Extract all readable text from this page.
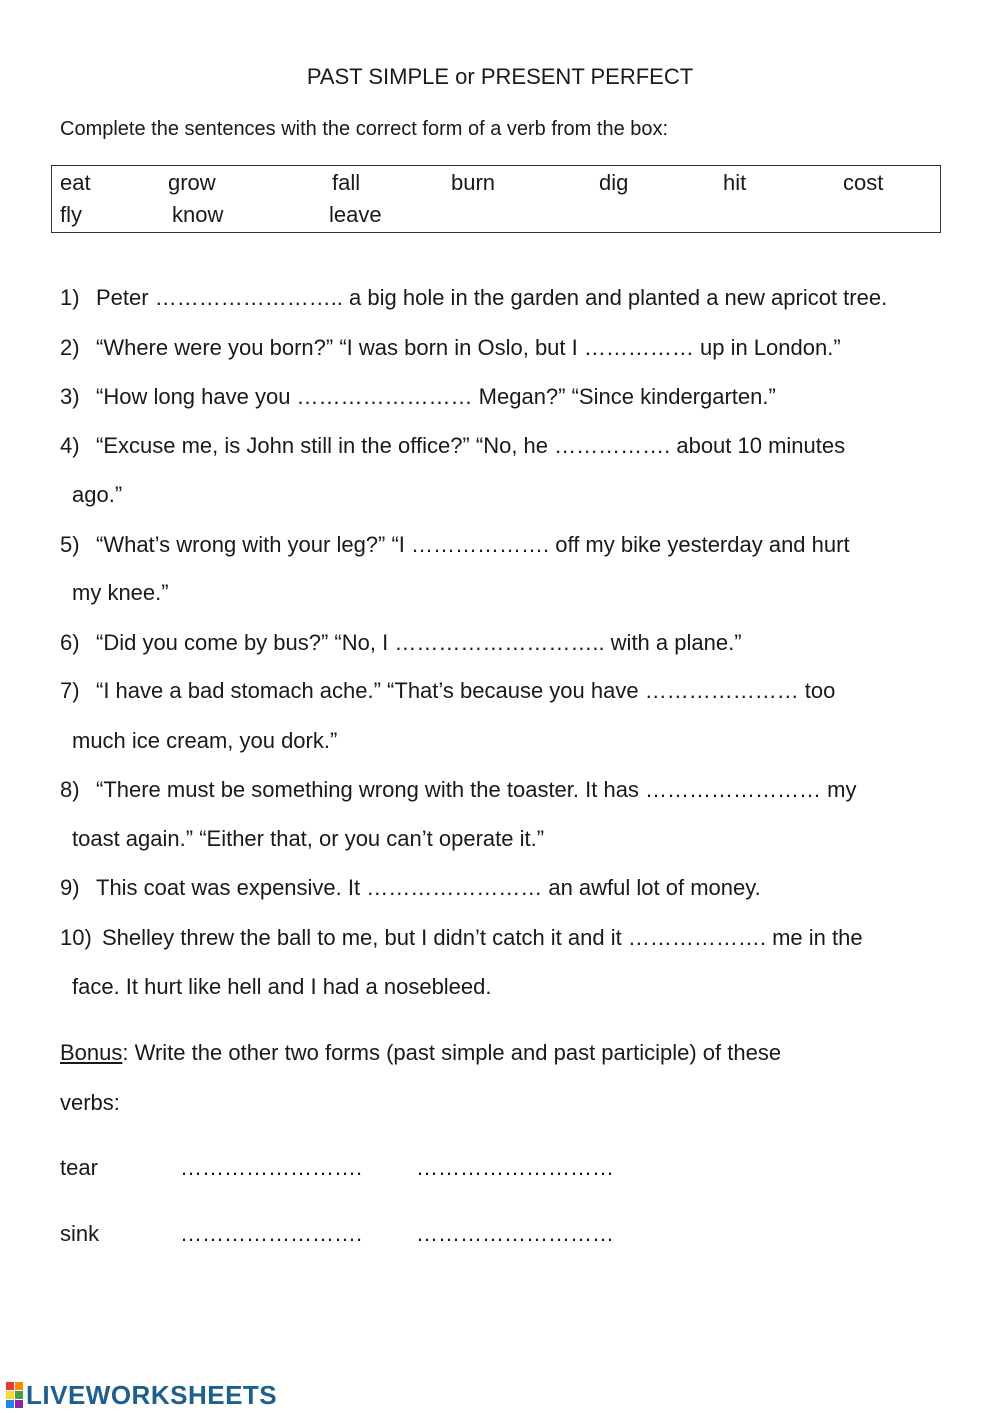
PAST SIMPLE or PRESENT PERFECT
Complete the sentences with the correct form of a verb from the box:
eat	grow	fall	burn	dig	hit	cost
fly	know	leave
1) Peter …………………….. a big hole in the garden and planted a new apricot tree.
2) “Where were you born?” “I was born in Oslo, but I …………… up in London.”
3) “How long have you …………………… Megan?” “Since kindergarten.”
4) “Excuse me, is John still in the office?” “No, he ……………. about 10 minutes
ago.”
5) “What’s wrong with your leg?” “I ………………. off my bike yesterday and hurt
my knee.”
6) “Did you come by bus?” “No, I ……………………….. with a plane.”
7) “I have a bad stomach ache.” “That’s because you have ………………… too
much ice cream, you dork.”
8) “There must be something wrong with the toaster. It has …………………… my
toast again.” “Either that, or you can’t operate it.”
9) This coat was expensive. It …………………… an awful lot of money.
10) Shelley threw the ball to me, but I didn’t catch it and it ………………. me in the
face. It hurt like hell and I had a nosebleed.
Bonus: Write the other two forms (past simple and past participle) of these
verbs:
tear	……………………. ………………………
sink	……………………. ………………………
LIVEWORKSHEETS
